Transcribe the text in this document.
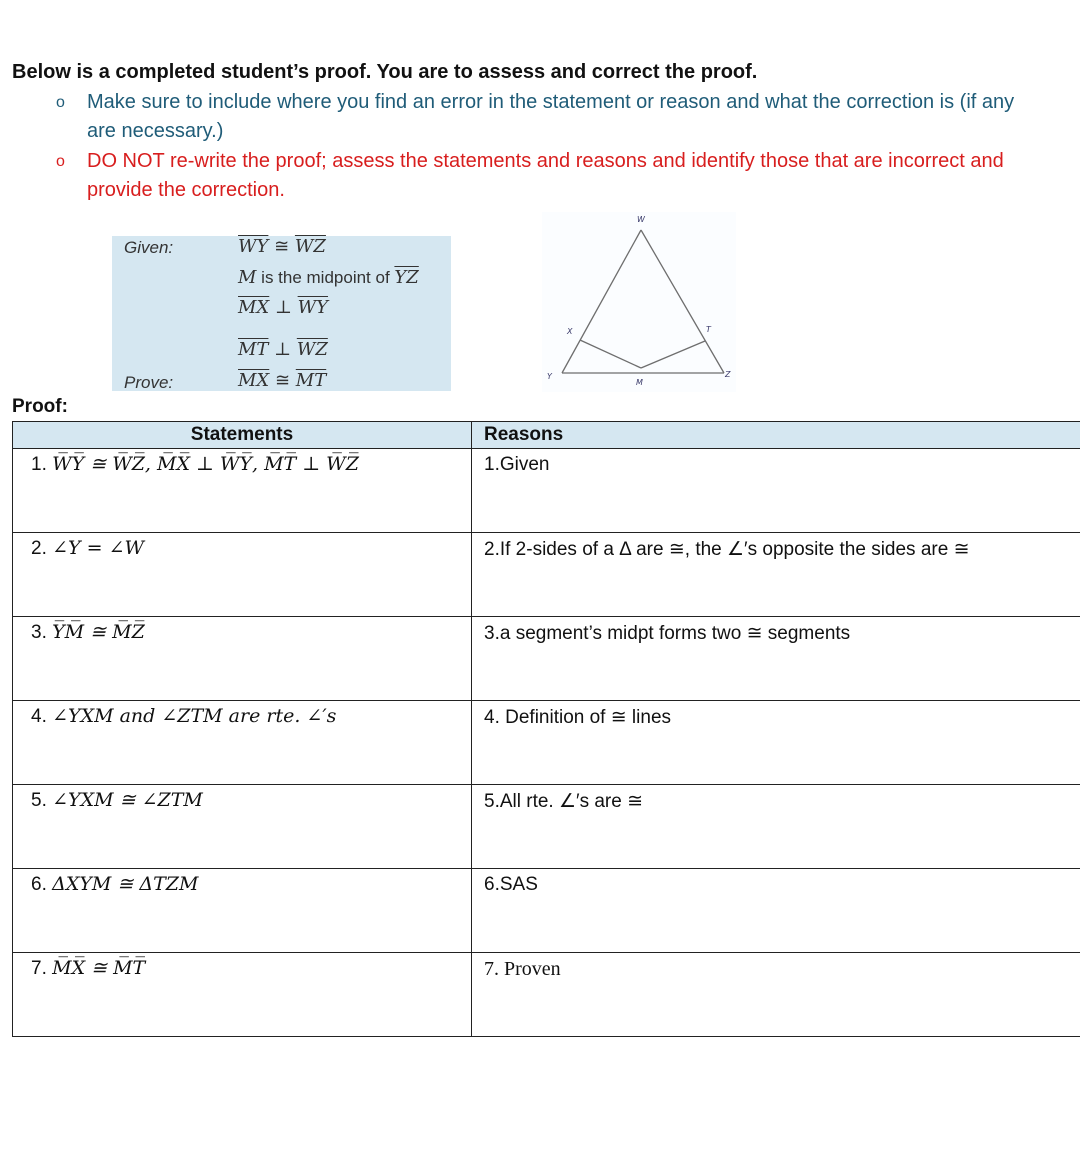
Below is a completed student’s proof. You are to assess and correct the proof.
o Make sure to include where you find an error in the statement or reason and what the correction is (if any are necessary.)
o DO NOT re-write the proof; assess the statements and reasons and identify those that are incorrect and provide the correction.
Given:	$\overline{WY}$ ≅ $\overline{WZ}$
M is the midpoint of $\overline{YZ}$
$\overline{MX}$ ⊥ $\overline{WY}$
$\overline{MT}$ ⊥ $\overline{WZ}$
Prove:	$\overline{MX}$ ≅ $\overline{MT}$
W
X	T
Y
M
Z
Proof:
Statements	Reasons

1. W̅Y̅ ≅ W̅Z̅, M̅X̅ ⊥ W̅Y̅, M̅T̅ ⊥ W̅Z̅	1.Given

2. ∠Y = ∠W	2.If 2-sides of a Δ are ≅, the ∠′s opposite the sides are ≅

3. Y̅M̅ ≅ M̅Z̅	3.a segment’s midpt forms two ≅ segments

4. ∠YXM and ∠ZTM are rte. ∠′s	4. Definition of ≅ lines

5. ∠YXM ≅ ∠ZTM	5.All rte. ∠′s are ≅

6. ΔXYM ≅ ΔTZM	6.SAS

7. M̅X̅ ≅ M̅T̅	7. Proven
